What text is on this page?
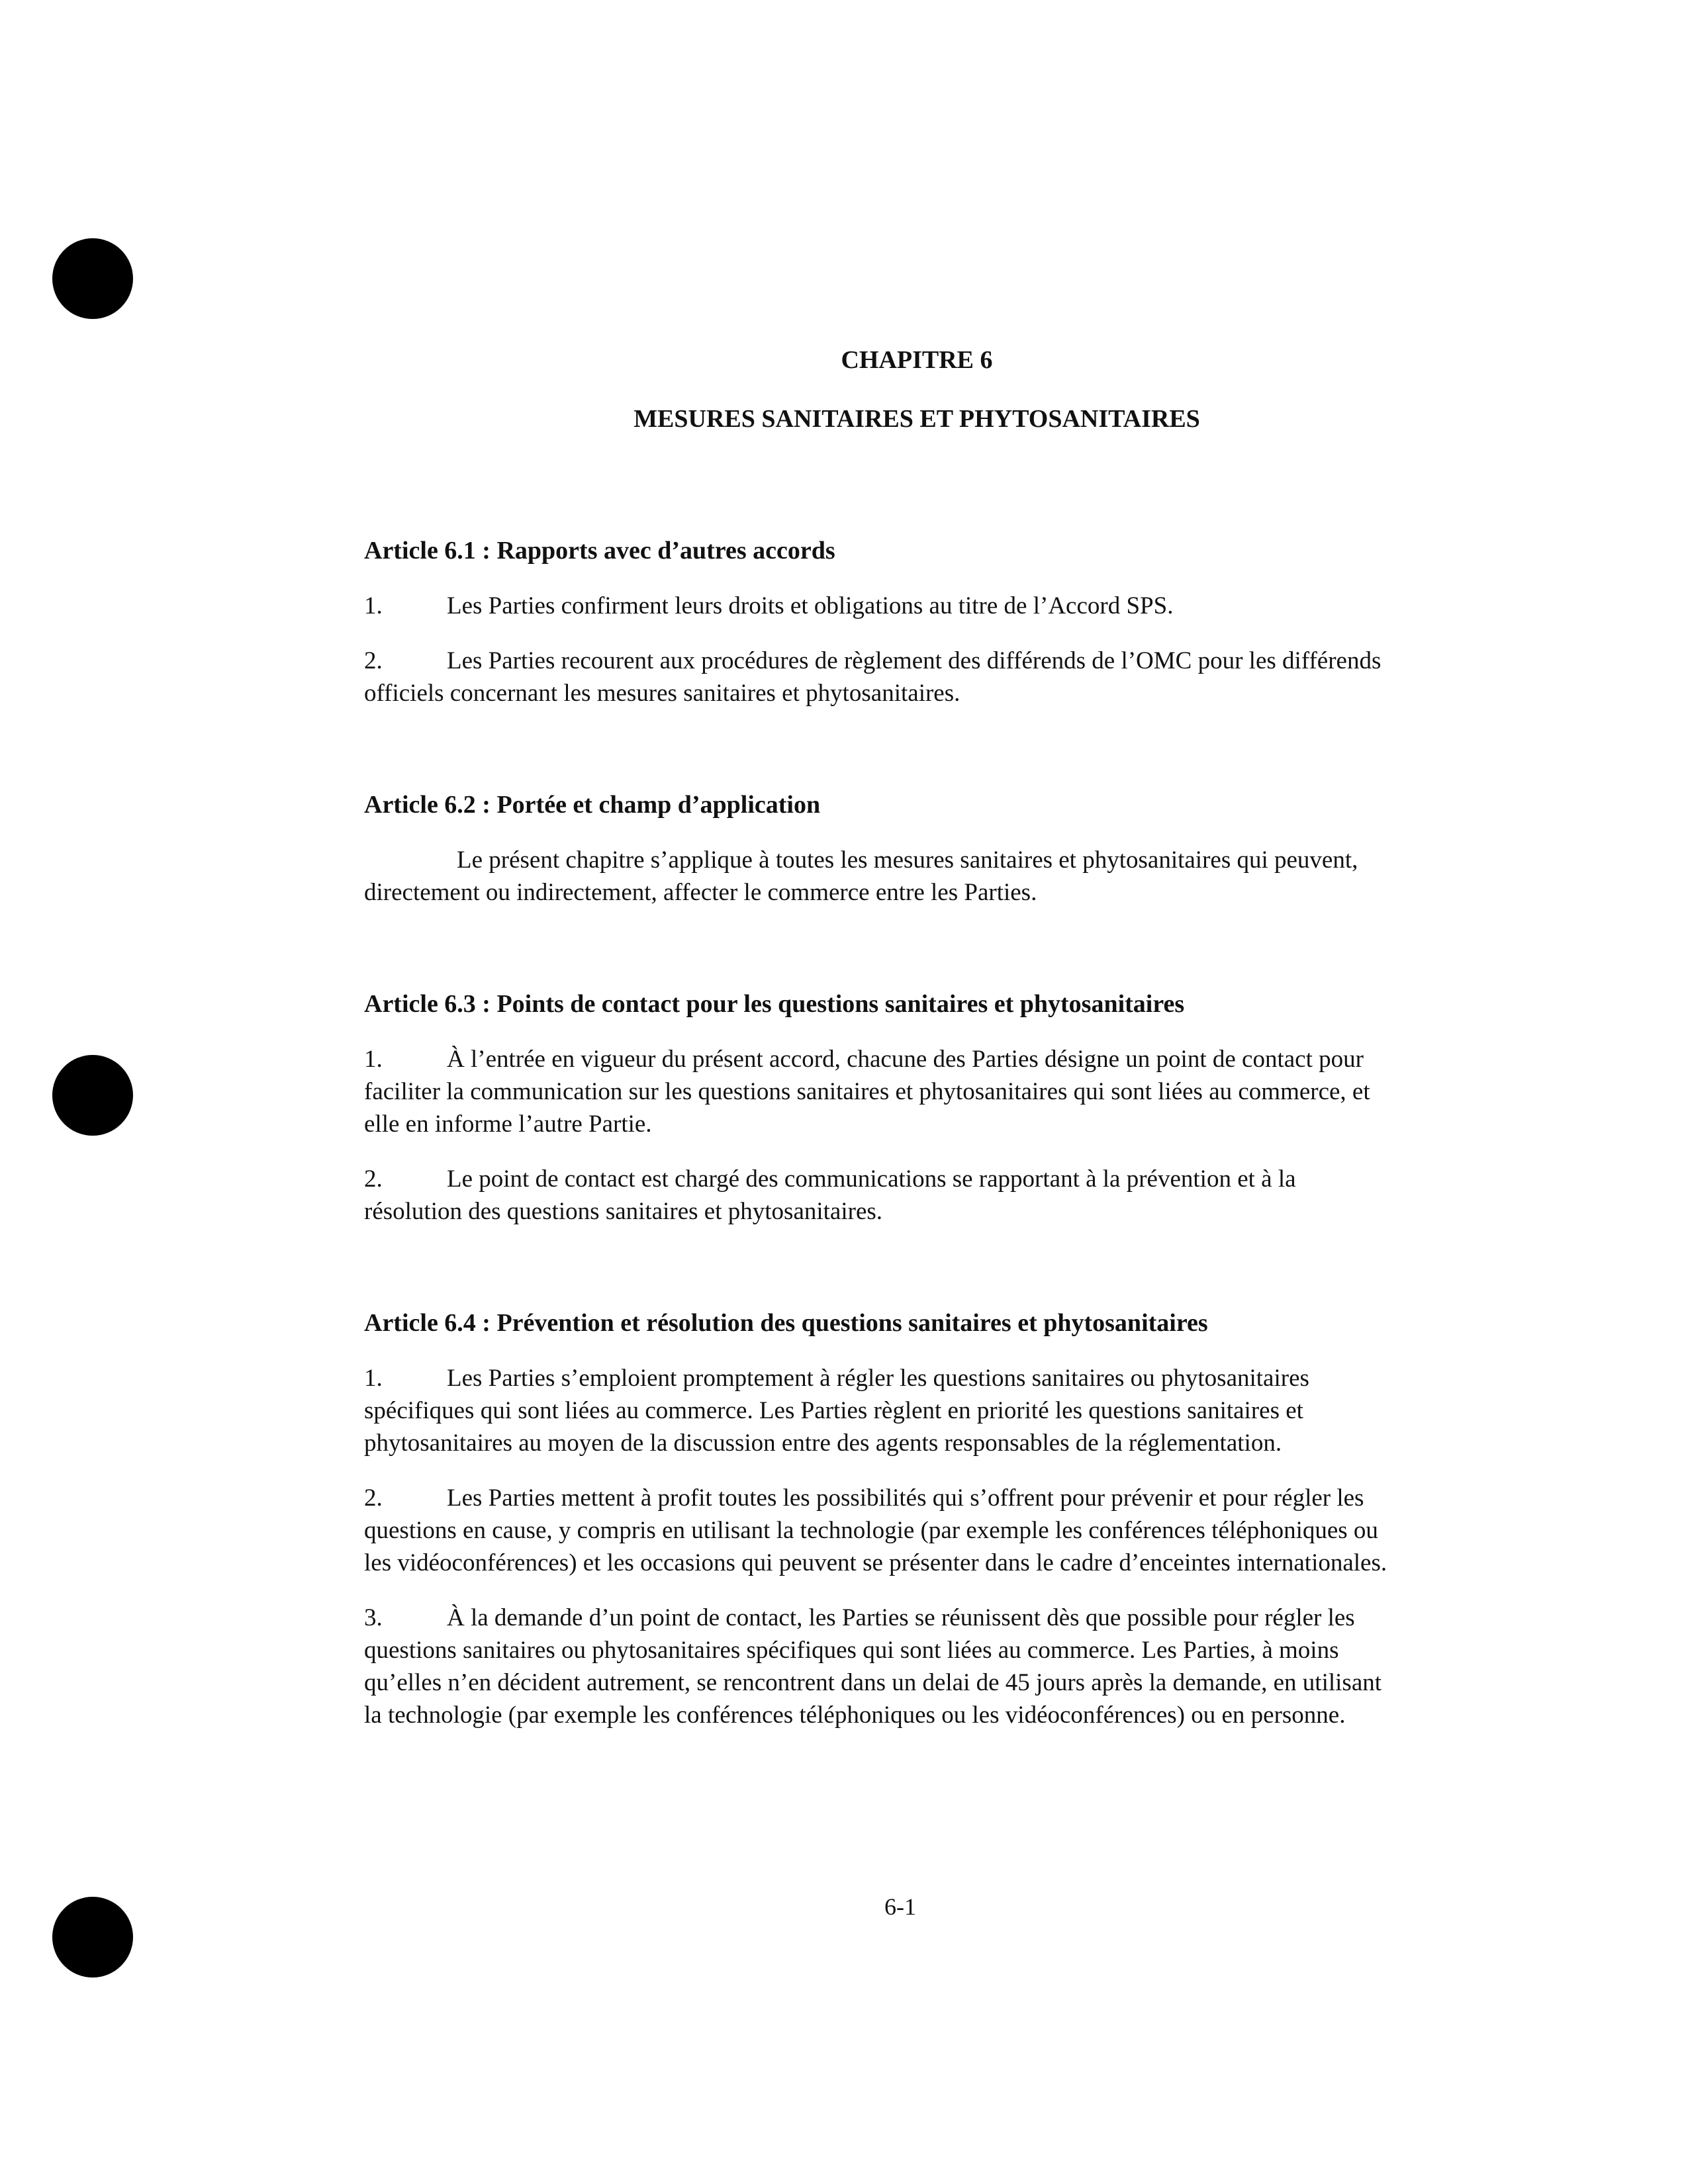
CHAPITRE 6
MESURES SANITAIRES ET PHYTOSANITAIRES
Article 6.1 : Rapports avec d’autres accords
1.	Les Parties confirment leurs droits et obligations au titre de l’Accord SPS.
2.	Les Parties recourent aux procédures de règlement des différends de l’OMC pour les différends officiels concernant les mesures sanitaires et phytosanitaires.
Article 6.2 : Portée et champ d’application
Le présent chapitre s’applique à toutes les mesures sanitaires et phytosanitaires qui peuvent, directement ou indirectement, affecter le commerce entre les Parties.
Article 6.3 : Points de contact pour les questions sanitaires et phytosanitaires
1.	À l’entrée en vigueur du présent accord, chacune des Parties désigne un point de contact pour faciliter la communication sur les questions sanitaires et phytosanitaires qui sont liées au commerce, et elle en informe l’autre Partie.
2.	Le point de contact est chargé des communications se rapportant à la prévention et à la résolution des questions sanitaires et phytosanitaires.
Article 6.4 : Prévention et résolution des questions sanitaires et phytosanitaires
1.	Les Parties s’emploient promptement à régler les questions sanitaires ou phytosanitaires spécifiques qui sont liées au commerce. Les Parties règlent en priorité les questions sanitaires et phytosanitaires au moyen de la discussion entre des agents responsables de la réglementation.
2.	Les Parties mettent à profit toutes les possibilités qui s’offrent pour prévenir et pour régler les questions en cause, y compris en utilisant la technologie (par exemple les conférences téléphoniques ou les vidéoconférences) et les occasions qui peuvent se présenter dans le cadre d’enceintes internationales.
3.	À la demande d’un point de contact, les Parties se réunissent dès que possible pour régler les questions sanitaires ou phytosanitaires spécifiques qui sont liées au commerce. Les Parties, à moins qu’elles n’en décident autrement, se rencontrent dans un delai de 45 jours après la demande, en utilisant la technologie (par exemple les conférences téléphoniques ou les vidéoconférences) ou en personne.
6-1
